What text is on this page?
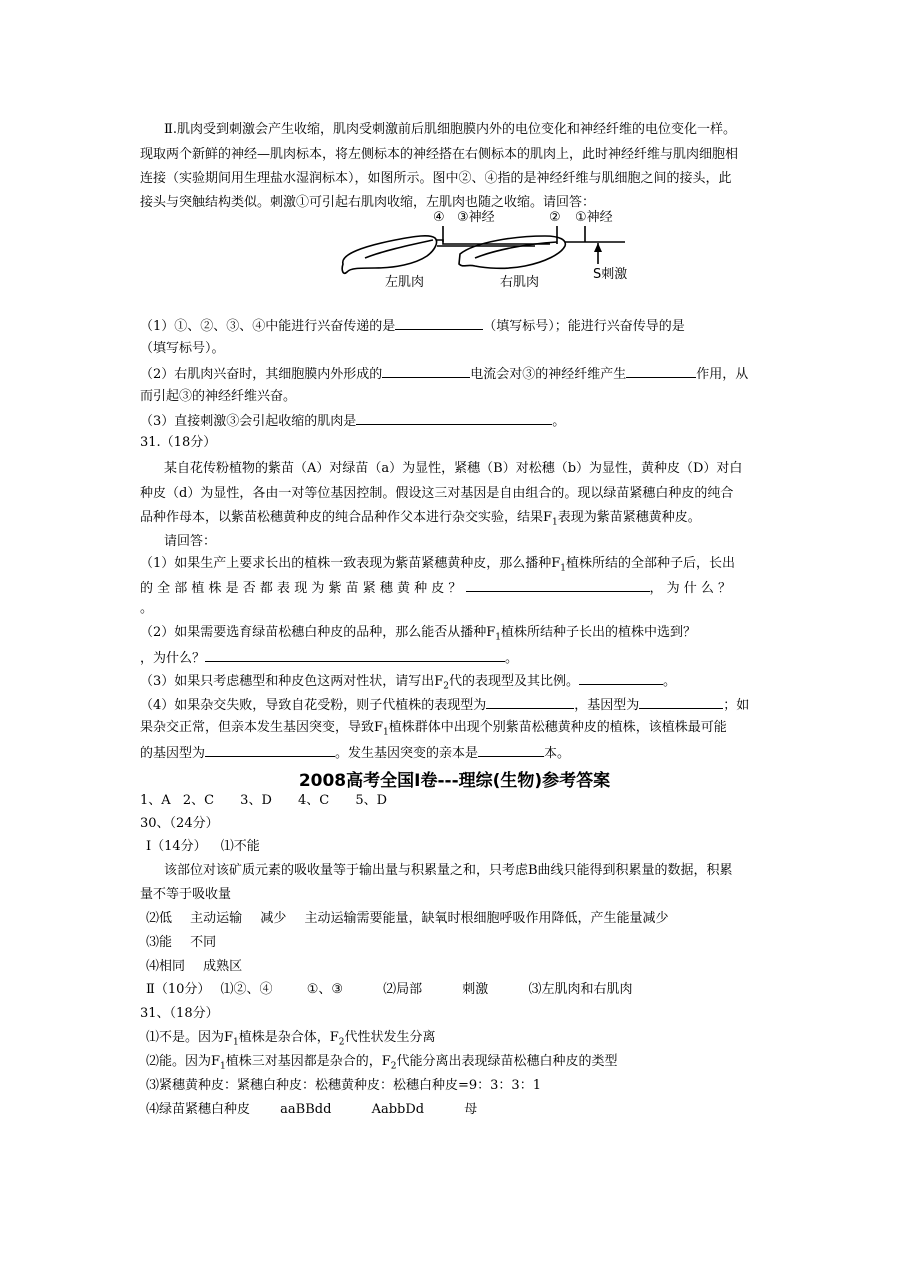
Ⅱ.肌肉受到刺激会产生收缩，肌肉受刺激前后肌细胞膜内外的电位变化和神经纤维的电位变化一样。
现取两个新鲜的神经—肌肉标本，将左侧标本的神经搭在右侧标本的肌肉上，此时神经纤维与肌肉细胞相
连接（实验期间用生理盐水湿润标本），如图所示。图中②、④指的是神经纤维与肌细胞之间的接头，此
接头与突触结构类似。刺激①可引起右肌肉收缩，左肌肉也随之收缩。请回答：
④ ③神经	② ①神经
左肌肉	右肌肉
S刺激
（1）①、②、③、④中能进行兴奋传递的是	（填写标号）；能进行兴奋传导的是
（填写标号）。
（2）右肌肉兴奋时，其细胞膜内外形成的	电流会对③的神经纤维产生	作用，从
而引起③的神经纤维兴奋。
（3）直接刺激③会引起收缩的肌肉是	。
31.（18分）
某自花传粉植物的紫苗（A）对绿苗（a）为显性，紧穗（B）对松穗（b）为显性，黄种皮（D）对白
种皮（d）为显性，各由一对等位基因控制。假设这三对基因是自由组合的。现以绿苗紧穗白种皮的纯合
品种作母本，以紫苗松穗黄种皮的纯合品种作父本进行杂交实验，结果$F_1$表现为紫苗紧穗黄种皮。
请回答：
（1）如果生产上要求长出的植株一致表现为紫苗紧穗黄种皮，那么播种$F_1$植株所结的全部种子后，长出
的 全 部 植 株 是 否 都 表 现 为 紫 苗 紧 穗 黄 种 皮 ？	， 为 什 么 ？
。
（2）如果需要选育绿苗松穗白种皮的品种，那么能否从播种$F_1$植株所结种子长出的植株中选到？
，为什么？	。
（3）如果只考虑穗型和种皮色这两对性状，请写出$F_2$代的表现型及其比例。	。
（4）如果杂交失败，导致自花受粉，则子代植株的表现型为	，基因型为	；如
果杂交正常，但亲本发生基因突变，导致$F_1$植株群体中出现个别紫苗松穗黄种皮的植株，该植株最可能
的基因型为	。发生基因突变的亲本是	本。
2008高考全国Ⅰ卷---理综(生物)参考答案
1、A 2、C 3、D 4、C 5、D
30、（24分）
Ⅰ（14分） ⑴不能
该部位对该矿质元素的吸收量等于输出量与积累量之和，只考虑B曲线只能得到积累量的数据，积累
量不等于吸收量
⑵低 主动运输 减少 主动运输需要能量，缺氧时根细胞呼吸作用降低，产生能量减少
⑶能 不同
⑷相同 成熟区
Ⅱ（10分） ⑴②、④	①、③	⑵局部	刺激	⑶左肌肉和右肌肉
31、（18分）
⑴不是。因为$F_1$植株是杂合体，$F_2$代性状发生分离
⑵能。因为$F_1$植株三对基因都是杂合的，$F_2$代能分离出表现绿苗松穗白种皮的类型
⑶紧穗黄种皮：紧穗白种皮：松穗黄种皮：松穗白种皮=9：3：3：1
⑷绿苗紧穗白种皮 aaBBdd	AabbDd	母
